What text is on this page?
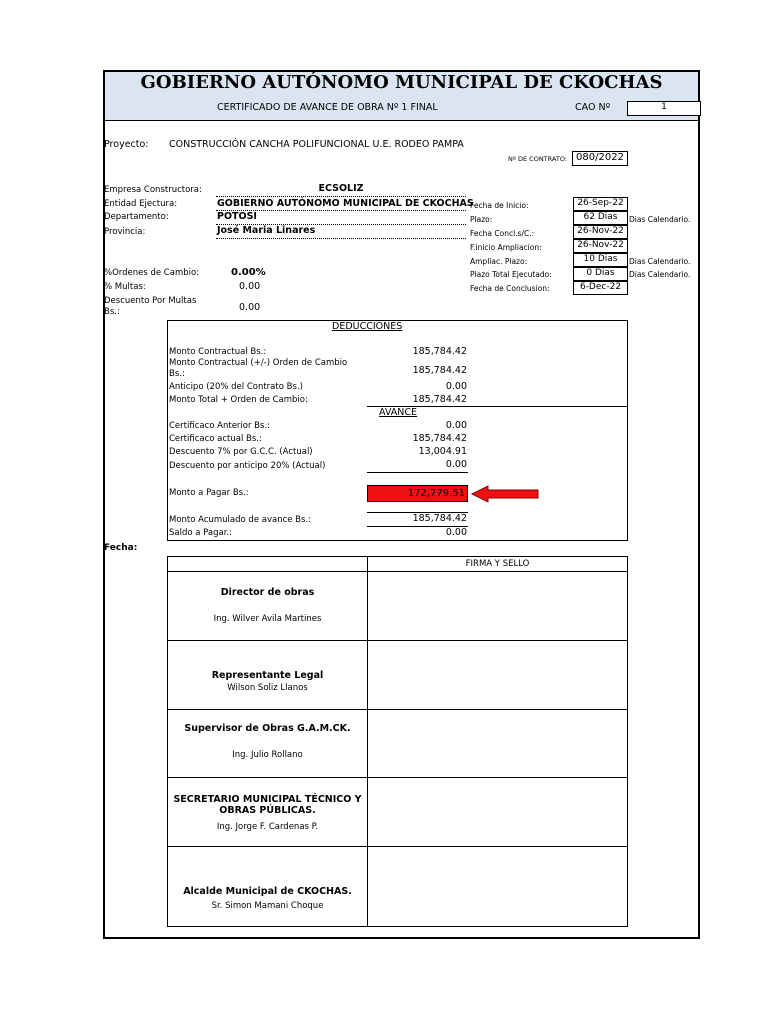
GOBIERNO AUTÓNOMO MUNICIPAL DE CKOCHAS
CERTIFICADO DE AVANCE DE OBRA Nº 1 FINAL	CAO Nº	1
Proyecto: CONSTRUCCIÓN CANCHA POLIFUNCIONAL U.E. RODEO PAMPA
Nº DE CONTRATO: 080/2022
Empresa Constructora:	ECSOLIZ
Entidad Ejectura:	GOBIERNO AUTÓNOMO MUNICIPAL DE CKOCHAS
Departamento:	POTOSI
Provincia:	José Maria Linares
Fecha de Inicio:	26-Sep-22
Plazo:	62 Dias	Dias Calendario.
Fecha Concl.s/C.:	26-Nov-22
F.inicio Ampliacion:	26-Nov-22
Ampliac. Plazo:	10 Dias	Dias Calendario.
Plazo Total Ejecutado:	0 Dias	Dias Calendario.
Fecha de Conclusion:	6-Dec-22
%Ordenes de Cambio:	0.00%
% Multas:	0.00
Descuento Por Multas
Bs.:	0.00
DEDUCCIONES
Monto Contractual Bs.:	185,784.42
Monto Contractual (+/-) Orden de Cambio
Bs.:	185,784.42
Anticipo (20% del Contrato Bs.)	0.00
Monto Total + Orden de Cambio:	185,784.42
AVANCE
Certificaco Anterior Bs.:	0.00
Certificaco actual Bs.:	185,784.42
Descuento 7% por G.C.C. (Actual)	13,004.91
Descuento por anticipo 20% (Actual)	0.00
Monto a Pagar Bs.:	172,779.51
Monto Acumulado de avance Bs.:	185,784.42
Saldo a Pagar.:	0.00
Fecha:
FIRMA Y SELLO
Director de obras
Ing. Wilver Avila Martines
Representante Legal
Wilson Soliz Llanos
Supervisor de Obras G.A.M.CK.
Ing. Julio Rollano
SECRETARIO MUNICIPAL TÉCNICO Y
OBRAS PÚBLICAS.
Ing. Jorge F. Cardenas P.
Alcalde Municipal de CKOCHAS.
Sr. Simon Mamani Choque
